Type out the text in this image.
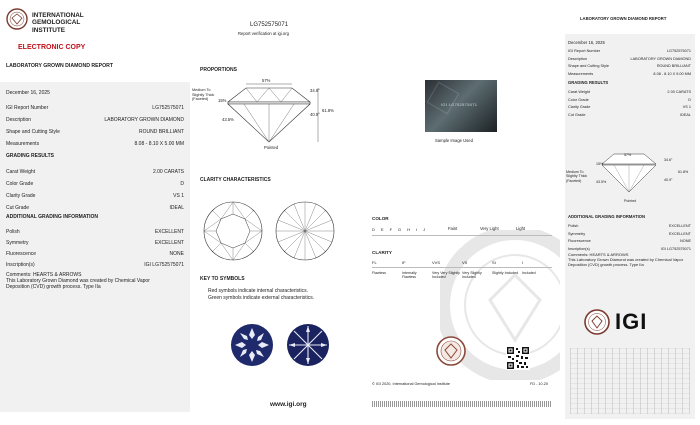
INTERNATIONAL
GEMOLOGICAL
INSTITUTE
ELECTRONIC COPY
LABORATORY GROWN DIAMOND REPORT
December 16, 2025
IGI Report Number	LG752575071
Description	LABORATORY GROWN DIAMOND
Shape and Cutting Style	ROUND BRILLIANT
Measurements	8.08 - 8.10 X 5.00 MM
GRADING RESULTS
Carat Weight	2.00 CARATS
Color Grade	D
Clarity Grade	VS 1
Cut Grade	IDEAL
ADDITIONAL GRADING INFORMATION
Polish	EXCELLENT
Symmetry	EXCELLENT
Fluorescence	NONE
Inscription(s)	IGI LG752575071
Comments: HEARTS & ARROWS
This Laboratory Grown Diamond was created by Chemical Vapor Deposition (CVD) growth process. Type IIa
LG752575071
Report verification at igi.org
PROPORTIONS
Medium To Slightly Thick (Faceted)
57%
34.6°
15%
43.5%
40.9°
61.8%
Pointed
IGI LG752575071
Sample Image Used
CLARITY CHARACTERISTICS
KEY TO SYMBOLS
Red symbols indicate internal characteristics.
Green symbols indicate external characteristics.
www.igi.org
COLOR
D E F G H I J	Faint	Very Light	Light
CLARITY
FL	IF	VVS	VS	SI	I
Flawless	Internally Flawless
Very Very Slightly Included
Very Slightly Included
Slightly Included	Included
© IGI 2020, International Gemological Institute	FD - 10.20
LABORATORY GROWN DIAMOND REPORT
December 16, 2025
IGI Report Number	LG752575071
Description	LABORATORY GROWN DIAMOND
Shape and Cutting Style	ROUND BRILLIANT
Measurements	8.08 - 8.10 X 5.00 MM
GRADING RESULTS
Carat Weight	2.00 CARATS
Color Grade	D
Clarity Grade	VS 1
Cut Grade	IDEAL
Medium To Slightly Thick (Faceted)
57%
34.6°
15%
43.5%	40.9°
61.8%
Pointed
ADDITIONAL GRADING INFORMATION
Polish	EXCELLENT
Symmetry	EXCELLENT
Fluorescence	NONE
Inscription(s)	IGI LG752575071
Comments: HEARTS & ARROWS
This Laboratory Grown Diamond was created by Chemical Vapor Deposition (CVD) growth process. Type IIa
IGI
